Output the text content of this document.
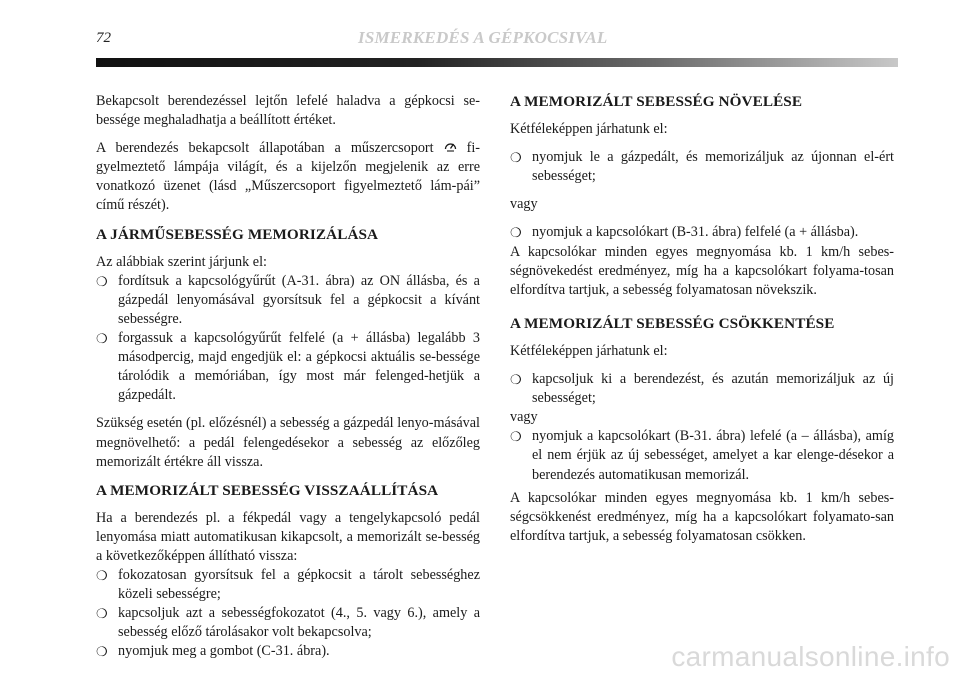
72	ISMERKEDÉS A GÉPKOCSIVAL

Bekapcsolt berendezéssel lejtőn lefelé haladva a gépkocsi se-bessége meghaladhatja a beállított értéket.

A berendezés bekapcsolt állapotában a műszercsoport  fi-gyelmeztető lámpája világít, és a kijelzőn megjelenik az erre vonatkozó üzenet (lásd „Műszercsoport figyelmeztető lám-pái” című részét).

A JÁRMŰSEBESSÉG MEMORIZÁLÁSA

Az alábbiak szerint járjunk el:

❍ fordítsuk a kapcsológyűrűt (A-31. ábra) az ON állásba, és a gázpedál lenyomásával gyorsítsuk fel a gépkocsit a kívánt sebességre.
❍ forgassuk a kapcsológyűrűt felfelé (a + állásba) legalább 3 másodpercig, majd engedjük el: a gépkocsi aktuális se-bessége tárolódik a memóriában, így most már felenged-hetjük a gázpedált.

Szükség esetén (pl. előzésnél) a sebesség a gázpedál lenyo-másával megnövelhető: a pedál felengedésekor a sebesség az előzőleg memorizált értékre áll vissza.

A MEMORIZÁLT SEBESSÉG VISSZAÁLLÍTÁSA

Ha a berendezés pl. a fékpedál vagy a tengelykapcsoló pedál lenyomása miatt automatikusan kikapcsolt, a memorizált se-besség a következőképpen állítható vissza:

❍ fokozatosan gyorsítsuk fel a gépkocsit a tárolt sebességhez közeli sebességre;
❍ kapcsoljuk azt a sebességfokozatot (4., 5. vagy 6.), amely a sebesség előző tárolásakor volt bekapcsolva;
❍ nyomjuk meg a gombot (C-31. ábra).
A MEMORIZÁLT SEBESSÉG NÖVELÉSE

Kétféleképpen járhatunk el:

❍ nyomjuk le a gázpedált, és memorizáljuk az újonnan el-ért sebességet;

vagy

❍ nyomjuk a kapcsolókart (B-31. ábra) felfelé (a + állásba).

A kapcsolókar minden egyes megnyomása kb. 1 km/h sebes-ségnövekedést eredményez, míg ha a kapcsolókart folyama-tosan elfordítva tartjuk, a sebesség folyamatosan növekszik.

A MEMORIZÁLT SEBESSÉG CSÖKKENTÉSE

Kétféleképpen járhatunk el:

❍ kapcsoljuk ki a berendezést, és azután memorizáljuk az új sebességet;

vagy

❍ nyomjuk a kapcsolókart (B-31. ábra) lefelé (a – állásba), amíg el nem érjük az új sebességet, amelyet a kar elenge-désekor a berendezés automatikusan memorizál.

A kapcsolókar minden egyes megnyomása kb. 1 km/h sebes-ségcsökkenést eredményez, míg ha a kapcsolókart folyamato-san elfordítva tartjuk, a sebesség folyamatosan csökken.

carmanualsonline.info
